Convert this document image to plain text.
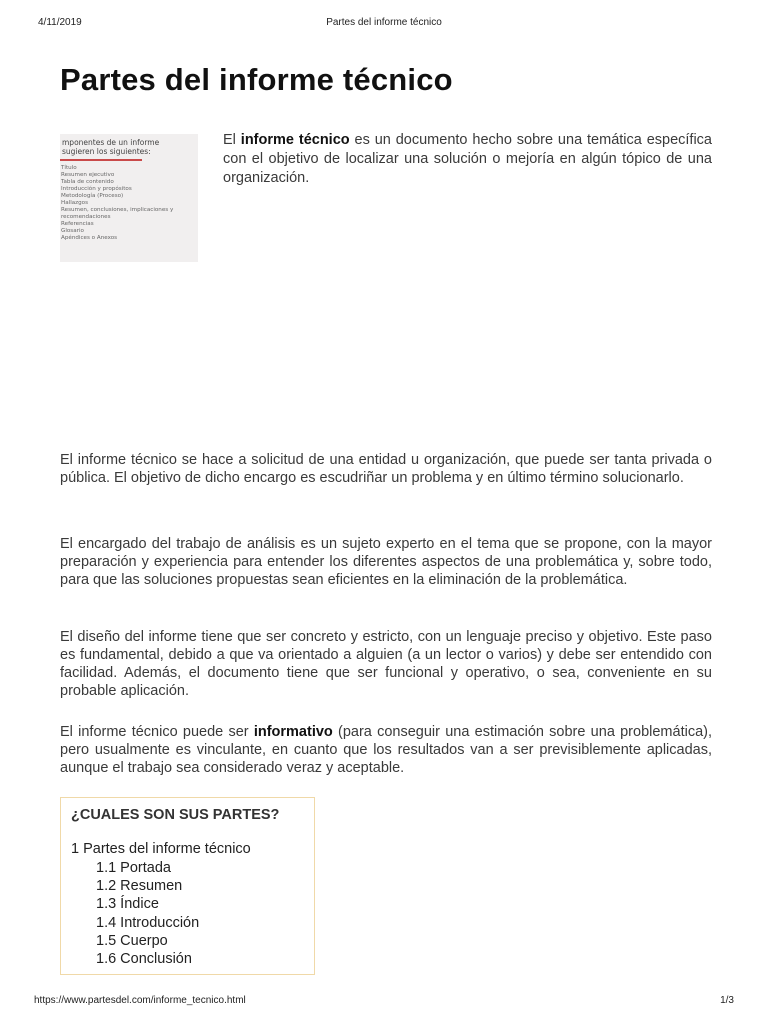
4/11/2019	Partes del informe técnico
Partes del informe técnico
mponentes de un informe
sugieren los siguientes:
Título
Resumen ejecutivo
Tabla de contenido
Introducción y propósitos
Metodología (Proceso)
Hallazgos
Resumen, conclusiones, implicaciones y
recomendaciones
Referencias
Glosario
Apéndices o Anexos

El informe técnico es un documento hecho sobre una temática específica con el objetivo de localizar una solución o mejoría en algún tópico de una organización.

El informe técnico se hace a solicitud de una entidad u organización, que puede ser tanta privada o pública. El objetivo de dicho encargo es escudriñar un problema y en último término solucionarlo.

El encargado del trabajo de análisis es un sujeto experto en el tema que se propone, con la mayor preparación y experiencia para entender los diferentes aspectos de una problemática y, sobre todo, para que las soluciones propuestas sean eficientes en la eliminación de la problemática.

El diseño del informe tiene que ser concreto y estricto, con un lenguaje preciso y objetivo. Este paso es fundamental, debido a que va orientado a alguien (a un lector o varios) y debe ser entendido con facilidad. Además, el documento tiene que ser funcional y operativo, o sea, conveniente en su probable aplicación.

El informe técnico puede ser informativo (para conseguir una estimación sobre una problemática), pero usualmente es vinculante, en cuanto que los resultados van a ser previsiblemente aplicadas, aunque el trabajo sea considerado veraz y aceptable.

¿CUALES SON SUS PARTES?
1 Partes del informe técnico
1.1 Portada
1.2 Resumen
1.3 Índice
1.4 Introducción
1.5 Cuerpo
1.6 Conclusión
https://www.partesdel.com/informe_tecnico.html	1/3
